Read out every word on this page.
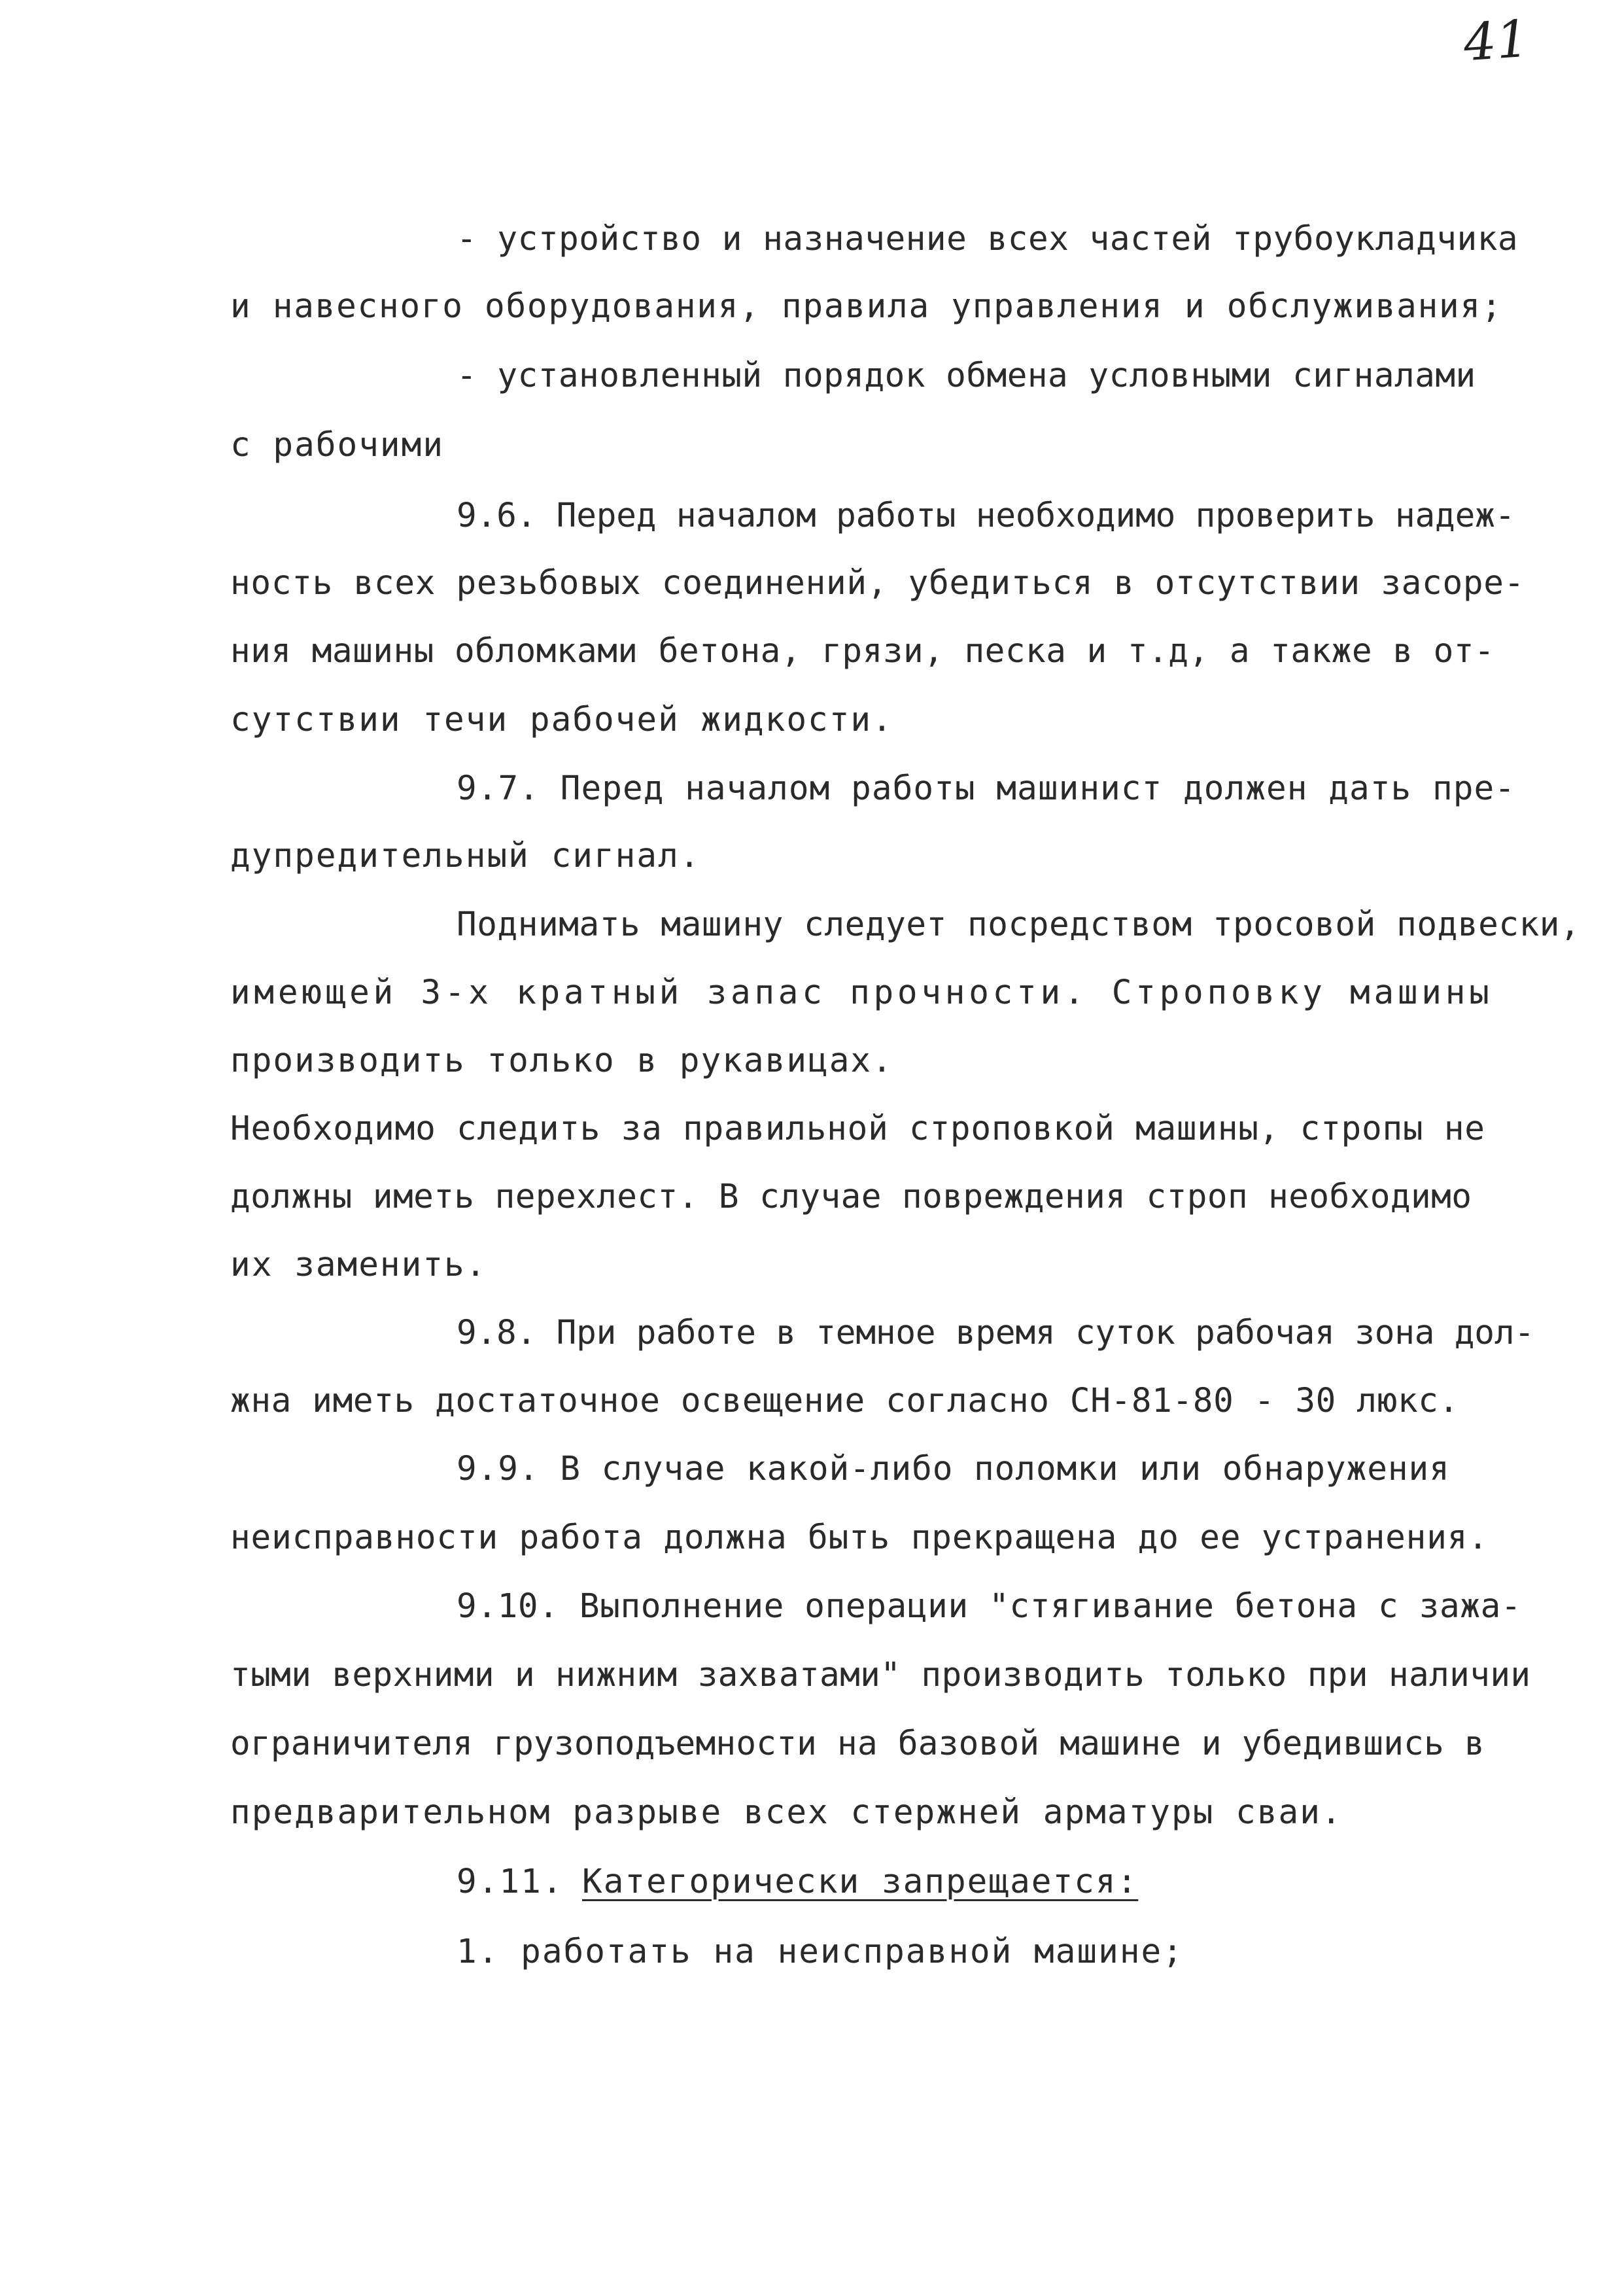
41
- устройство и назначение всех частей трубоукладчика
и навесного оборудования, правила управления и обслуживания;
- установленный порядок обмена условными сигналами
с рабочими
9.6. Перед началом работы необходимо проверить надеж-
ность всех резьбовых соединений, убедиться в отсутствии засоре-
ния машины обломками бетона, грязи, песка и т.д, а также в от-
сутствии течи рабочей жидкости.
9.7. Перед началом работы машинист должен дать пре-
дупредительный сигнал.
Поднимать машину следует посредством тросовой подвески,
имеющей 3-х кратный запас прочности. Строповку машины
производить только в рукавицах.
Необходимо следить за правильной строповкой машины, стропы не
должны иметь перехлест. В случае повреждения строп необходимо
их заменить.
9.8. При работе в темное время суток рабочая зона дол-
жна иметь достаточное освещение согласно СН-81-80 - 30 люкс.
9.9. В случае какой-либо поломки или обнаружения
неисправности работа должна быть прекращена до ее устранения.
9.10. Выполнение операции "стягивание бетона с зажа-
тыми верхними и нижним захватами" производить только при наличии
ограничителя грузоподъемности на базовой машине и убедившись в
предварительном разрыве всех стержней арматуры сваи.
9.11. Категорически запрещается:
1. работать на неисправной машине;
